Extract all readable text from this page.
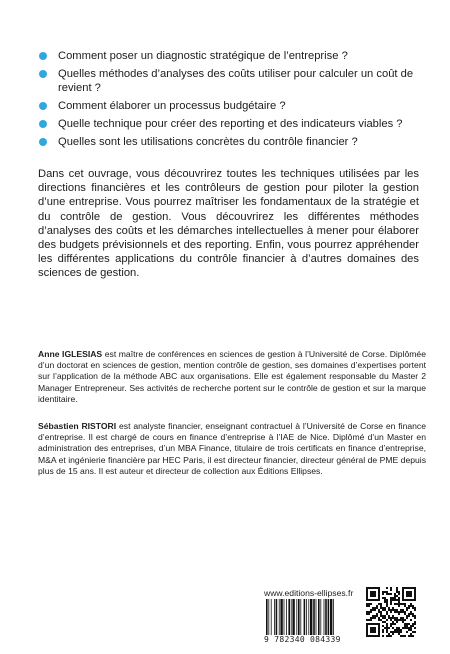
Comment poser un diagnostic stratégique de l’entreprise ?
Quelles méthodes d’analyses des coûts utiliser pour calculer un coût de revient ?
Comment élaborer un processus budgétaire ?
Quelle technique pour créer des reporting et des indicateurs viables ?
Quelles sont les utilisations concrètes du contrôle financier ?

Dans cet ouvrage, vous découvrirez toutes les techniques utilisées par les directions financières et les contrôleurs de gestion pour piloter la gestion d’une entreprise. Vous pourrez maîtriser les fondamentaux de la stratégie et du contrôle de gestion. Vous découvrirez les différentes méthodes d’analyses des coûts et les démarches intellectuelles à mener pour élaborer des budgets prévisionnels et des reporting. Enfin, vous pourrez appréhender les différentes applications du contrôle financier à d’autres domaines des sciences de gestion.

Anne IGLESIAS est maître de conférences en sciences de gestion à l’Université de Corse. Diplômée d’un doctorat en sciences de gestion, mention contrôle de gestion, ses domaines d’expertises portent sur l’application de la méthode ABC aux organisations. Elle est également responsable du Master 2 Manager Entrepreneur. Ses activités de recherche portent sur le contrôle de gestion et sur la marque identitaire.

Sébastien RISTORI est analyste financier, enseignant contractuel à l’Université de Corse en finance d’entreprise. Il est chargé de cours en finance d’entreprise à l’IAE de Nice. Diplômé d’un Master en administration des entreprises, d’un MBA Finance, titulaire de trois certificats en finance d’entreprise, M&A et ingénierie financière par HEC Paris, il est directeur financier, directeur général de PME depuis plus de 15 ans. Il est auteur et directeur de collection aux Éditions Ellipses.

www.editions-ellipses.fr
9 782340 084339
